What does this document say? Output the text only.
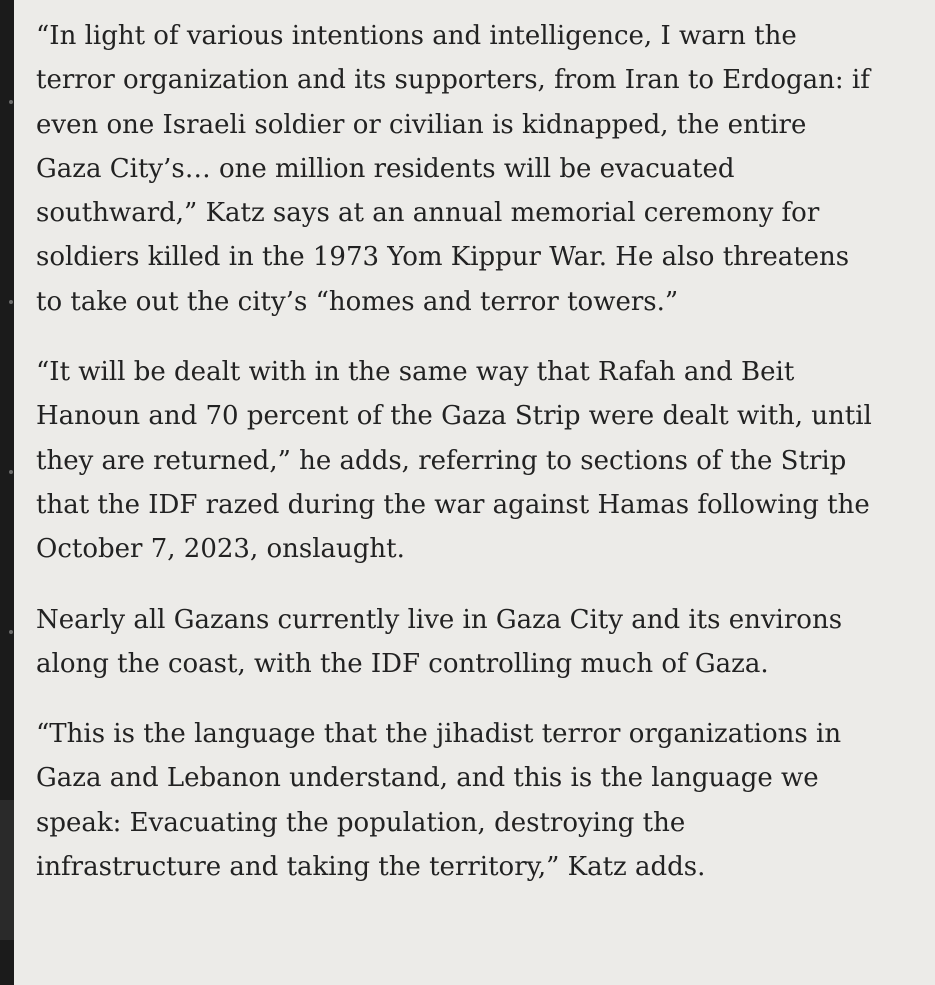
“In light of various intentions and intelligence, I warn the
terror organization and its supporters, from Iran to Erdogan: if
even one Israeli soldier or civilian is kidnapped, the entire
Gaza City’s… one million residents will be evacuated
southward,” Katz says at an annual memorial ceremony for
soldiers killed in the 1973 Yom Kippur War. He also threatens
to take out the city’s “homes and terror towers.”

“It will be dealt with in the same way that Rafah and Beit
Hanoun and 70 percent of the Gaza Strip were dealt with, until
they are returned,” he adds, referring to sections of the Strip
that the IDF razed during the war against Hamas following the
October 7, 2023, onslaught.

Nearly all Gazans currently live in Gaza City and its environs
along the coast, with the IDF controlling much of Gaza.

“This is the language that the jihadist terror organizations in
Gaza and Lebanon understand, and this is the language we
speak: Evacuating the population, destroying the
infrastructure and taking the territory,” Katz adds.
